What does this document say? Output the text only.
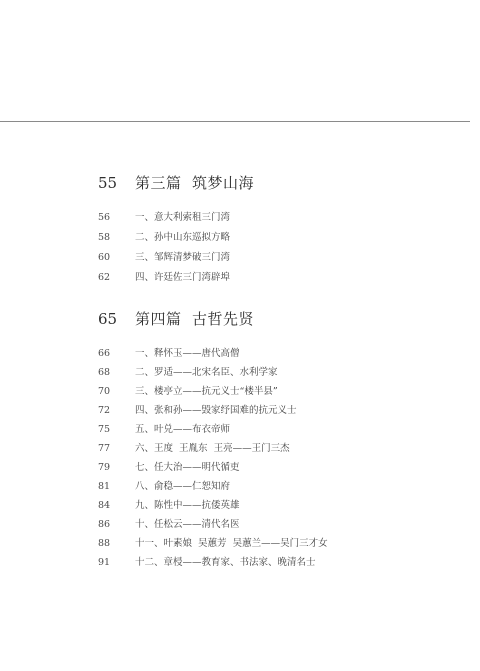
55 第三篇  筑梦山海
56	一、意大利索租三门湾
58	二、孙中山东巡拟方略
60	三、邹辉清梦破三门湾
62	四、许廷佐三门湾辟埠
65 第四篇  古哲先贤
66	一、释怀玉——唐代高僧
68	二、罗适——北宋名臣、水利学家
70	三、楼亭立——抗元义士“楼半县”
72	四、张和孙——毁家纾国难的抗元义士
75	五、叶兑——布衣帝师
77	六、王度  王胤东  王亮——王门三杰
79	七、任大治——明代循吏
81	八、俞稳——仁恕知府
84	九、陈性中——抗倭英雄
86	十、任松云——清代名医
88	十一、叶素娘  吴蕙芳  吴蕙兰——吴门三才女
91	十二、章梫——教育家、书法家、晚清名士
